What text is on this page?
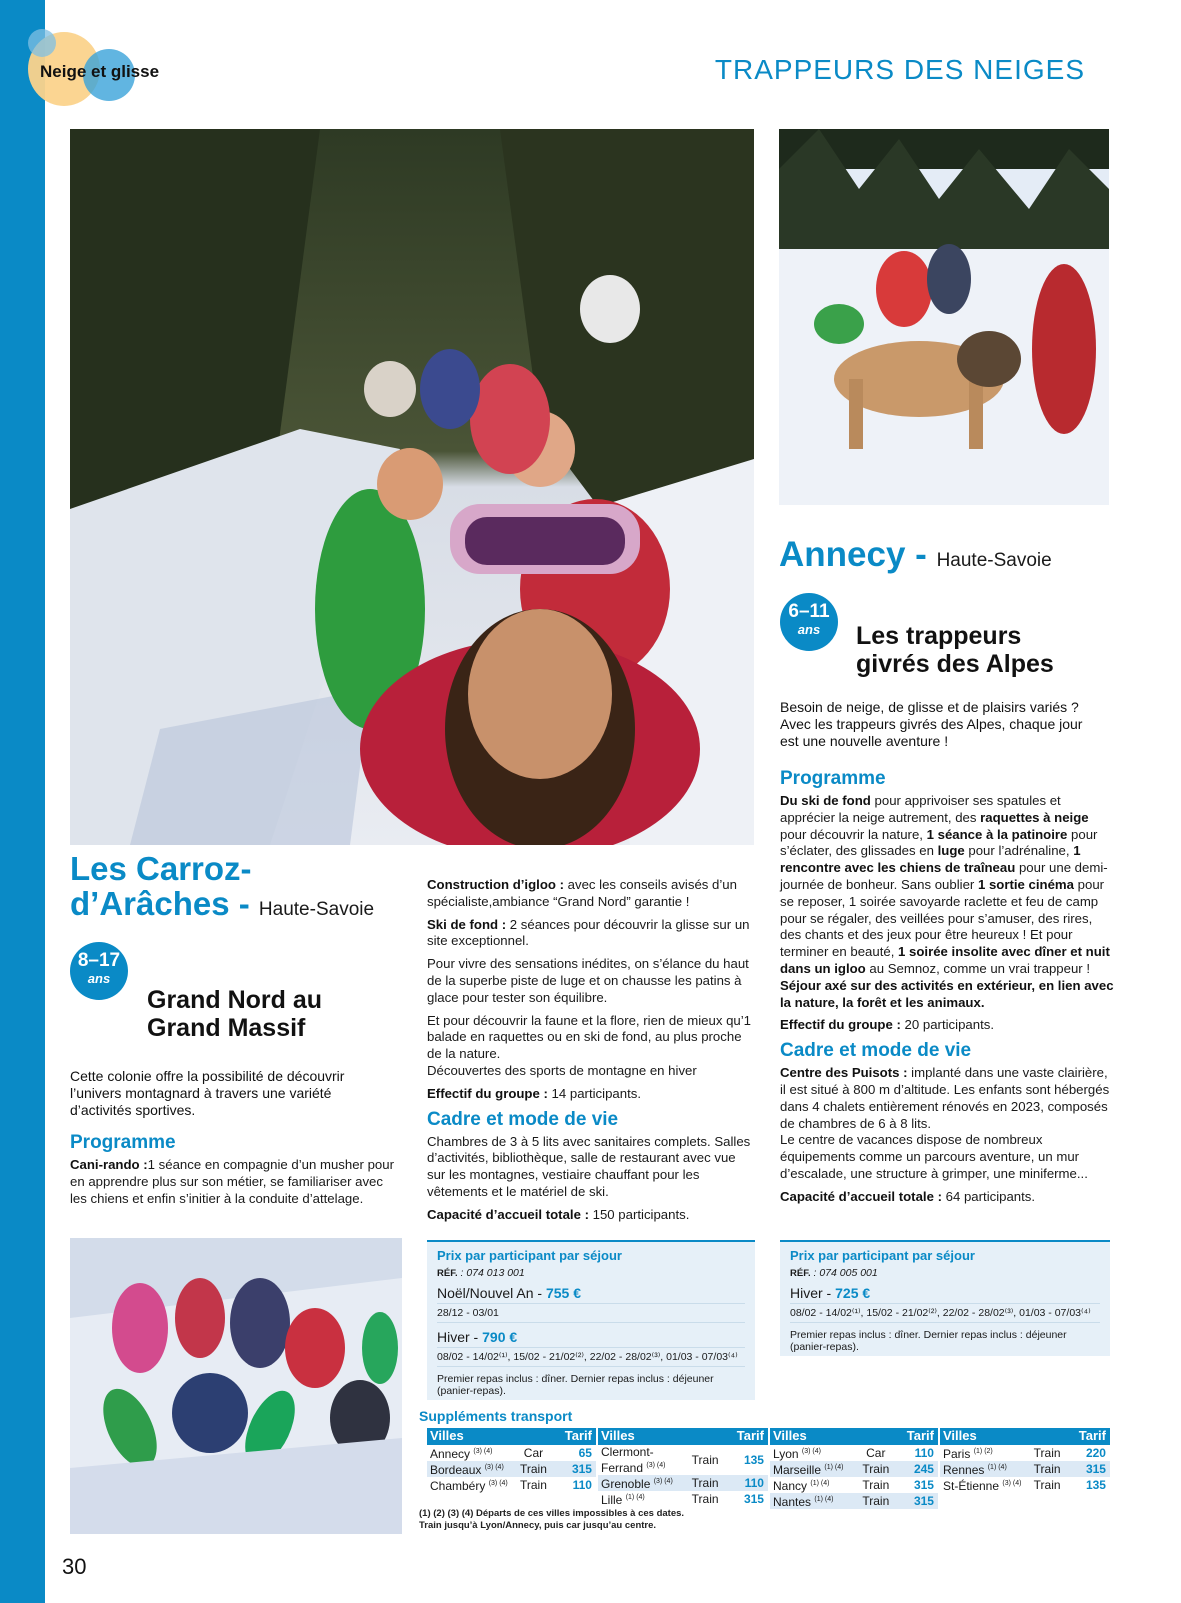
Neige et glisse	TRAPPEURS DES NEIGES
Les Carroz-
d’Arâches - Haute-Savoie
8–17
ans
Grand Nord au
Grand Massif
Cette colonie offre la possibilité de découvrir l’univers montagnard à travers une variété d’activités sportives.
Programme

Cani-rando :1 séance en compagnie d’un musher pour en apprendre plus sur son métier, se familiariser avec les chiens et enfin s’initier à la conduite d’attelage.

Construction d’igloo : avec les conseils avisés d’un spécialiste,ambiance “Grand Nord” garantie !

Ski de fond : 2 séances pour découvrir la glisse sur un site exceptionnel.

Pour vivre des sensations inédites, on s’élance du haut de la superbe piste de luge et on chausse les patins à glace pour tester son équilibre.

Et pour découvrir la faune et la flore, rien de mieux qu’1 balade en raquettes ou en ski de fond, au plus proche de la nature.

Découvertes des sports de montagne en hiver

Effectif du groupe : 14 participants.

Cadre et mode de vie

Chambres de 3 à 5 lits avec sanitaires complets. Salles d’activités, bibliothèque, salle de restaurant avec vue sur les montagnes, vestiaire chauffant pour les vêtements et le matériel de ski.

Capacité d’accueil totale : 150 participants.

Prix par participant par séjour
RÉF. : 074 013 001
Noël/Nouvel An - 755 €
28/12 - 03/01
Hiver - 790 €
08/02 - 14/02⁽¹⁾, 15/02 - 21/02⁽²⁾, 22/02 - 28/02⁽³⁾, 01/03 - 07/03⁽⁴⁾
Premier repas inclus : dîner. Dernier repas inclus : déjeuner (panier-repas).
Annecy - Haute-Savoie
6–11
ans	Les trappeurs
givrés des Alpes
Besoin de neige, de glisse et de plaisirs variés ? Avec les trappeurs givrés des Alpes, chaque jour est une nouvelle aventure !
Programme

Du ski de fond pour apprivoiser ses spatules et apprécier la neige autrement, des raquettes à neige pour découvrir la nature, 1 séance à la patinoire pour s’éclater, des glissades en luge pour l’adrénaline, 1 rencontre avec les chiens de traîneau pour une demi-journée de bonheur. Sans oublier 1 sortie cinéma pour se reposer, 1 soirée savoyarde raclette et feu de camp pour se régaler, des veillées pour s’amuser, des rires, des chants et des jeux pour être heureux ! Et pour terminer en beauté, 1 soirée insolite avec dîner et nuit dans un igloo au Semnoz, comme un vrai trappeur !

Séjour axé sur des activités en extérieur, en lien avec la nature, la forêt et les animaux.

Effectif du groupe : 20 participants.

Cadre et mode de vie

Centre des Puisots : implanté dans une vaste clairière, il est situé à 800 m d’altitude. Les enfants sont hébergés dans 4 chalets entièrement rénovés en 2023, composés de chambres de 6 à 8 lits.

Le centre de vacances dispose de nombreux équipements comme un parcours aventure, un mur d’escalade, une structure à grimper, une miniferme...

Capacité d’accueil totale : 64 participants.

Prix par participant par séjour
RÉF. : 074 005 001
Hiver - 725 €
08/02 - 14/02⁽¹⁾, 15/02 - 21/02⁽²⁾, 22/02 - 28/02⁽³⁾, 01/03 - 07/03⁽⁴⁾
Premier repas inclus : dîner. Dernier repas inclus : déjeuner (panier-repas).
Suppléments transport
Villes	Tarif
Annecy $^{(3) (4)}$	Car	65
Bordeaux $^{(3) (4)}$	Train	315
Chambéry $^{(3) (4)}$	Train	110
Villes	Tarif
Clermont-Ferrand $^{(3) (4)}$	Train	135
Grenoble $^{(3) (4)}$	Train	110
Lille $^{(1) (4)}$	Train	315
Villes	Tarif
Lyon $^{(3) (4)}$	Car	110
Marseille $^{(1) (4)}$	Train	245
Nancy $^{(1) (4)}$	Train	315
Nantes $^{(1) (4)}$	Train	315
Villes	Tarif
Paris $^{(1) (2)}$	Train	220
Rennes $^{(1) (4)}$	Train	315
St-Étienne $^{(3) (4)}$	Train	135
(1) (2) (3) (4) Départs de ces villes impossibles à ces dates.
Train jusqu’à Lyon/Annecy, puis car jusqu’au centre.
30
